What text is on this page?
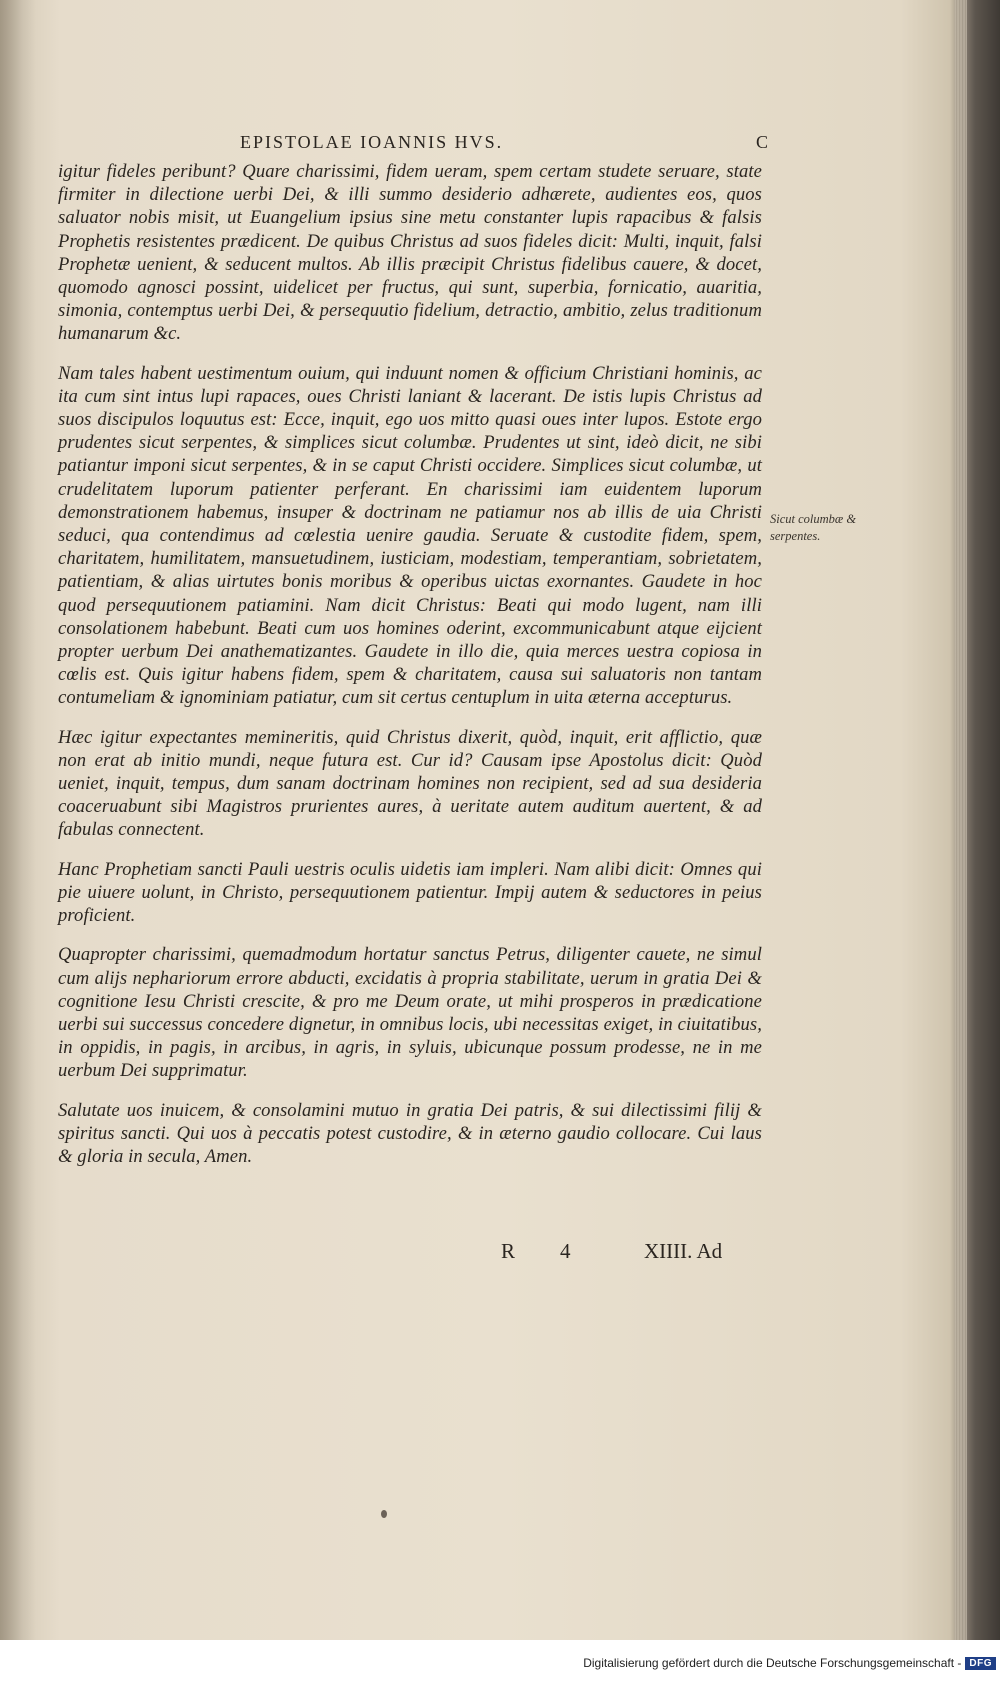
EPISTOLAE IOANNIS HVS.	C

igitur fideles peribunt? Quare charissimi, fidem ueram, spem certam studete seruare, state firmiter in dilectione uerbi Dei, & illi summo desiderio adhærete, audientes eos, quos saluator nobis misit, ut Euangelium ipsius sine metu constanter lupis rapacibus & falsis Prophetis resistentes prædicent. De quibus Christus ad suos fideles dicit: Multi, inquit, falsi Prophetæ uenient, & seducent multos. Ab illis præcipit Christus fidelibus cauere, & docet, quomodo agnosci possint, uidelicet per fructus, qui sunt, superbia, fornicatio, auaritia, simonia, contemptus uerbi Dei, & persequutio fidelium, detractio, ambitio, zelus traditionum humanarum &c.

Nam tales habent uestimentum ouium, qui induunt nomen & officium Christiani hominis, ac ita cum sint intus lupi rapaces, oues Christi laniant & lacerant. De istis lupis Christus ad suos discipulos loquutus est: Ecce, inquit, ego uos mitto quasi oues inter lupos. Estote ergo prudentes sicut serpentes, & simplices sicut columbæ. Prudentes ut sint, ideò dicit, ne sibi patiantur imponi sicut serpentes, & in se caput Christi occidere. Simplices sicut columbæ, ut crudelitatem luporum patienter perferant. En charissimi iam euidentem luporum demonstrationem habemus, insuper & doctrinam ne patiamur nos ab illis de uia Christi seduci, qua contendimus ad cœlestia uenire gaudia. Seruate & custodite fidem, spem, charitatem, humilitatem, mansuetudinem, iusticiam, modestiam, temperantiam, sobrietatem, patientiam, & alias uirtutes bonis moribus & operibus uictas exornantes. Gaudete in hoc quod persequutionem patiamini. Nam dicit Christus: Beati qui modo lugent, nam illi consolationem habebunt. Beati cum uos homines oderint, excommunicabunt atque eijcient propter uerbum Dei anathematizantes. Gaudete in illo die, quia merces uestra copiosa in cœlis est. Quis igitur habens fidem, spem & charitatem, causa sui saluatoris non tantam contumeliam & ignominiam patiatur, cum sit certus centuplum in uita æterna accepturus.

Hæc igitur expectantes memineritis, quid Christus dixerit, quòd, inquit, erit afflictio, quæ non erat ab initio mundi, neque futura est. Cur id? Causam ipse Apostolus dicit: Quòd ueniet, inquit, tempus, dum sanam doctrinam homines non recipient, sed ad sua desideria coaceruabunt sibi Magistros prurientes aures, à ueritate autem auditum auertent, & ad fabulas connectent.

Hanc Prophetiam sancti Pauli uestris oculis uidetis iam impleri. Nam alibi dicit: Omnes qui pie uiuere uolunt, in Christo, persequutionem patientur. Impij autem & seductores in peius proficient.

Quapropter charissimi, quemadmodum hortatur sanctus Petrus, diligenter cauete, ne simul cum alijs nephariorum errore abducti, excidatis à propria stabilitate, uerum in gratia Dei & cognitione Iesu Christi crescite, & pro me Deum orate, ut mihi prosperos in prædicatione uerbi sui successus concedere dignetur, in omnibus locis, ubi necessitas exiget, in ciuitatibus, in oppidis, in pagis, in arcibus, in agris, in syluis, ubicunque possum prodesse, ne in me uerbum Dei supprimatur.

Salutate uos inuicem, & consolamini mutuo in gratia Dei patris, & sui dilectissimi filij & spiritus sancti. Qui uos à peccatis potest custodire, & in æterno gaudio collocare. Cui laus & gloria in secula, Amen.

Sicut columbæ & serpentes.
R 4	XIIII. Ad
Digitalisierung gefördert durch die Deutsche Forschungsgemeinschaft - DFG
